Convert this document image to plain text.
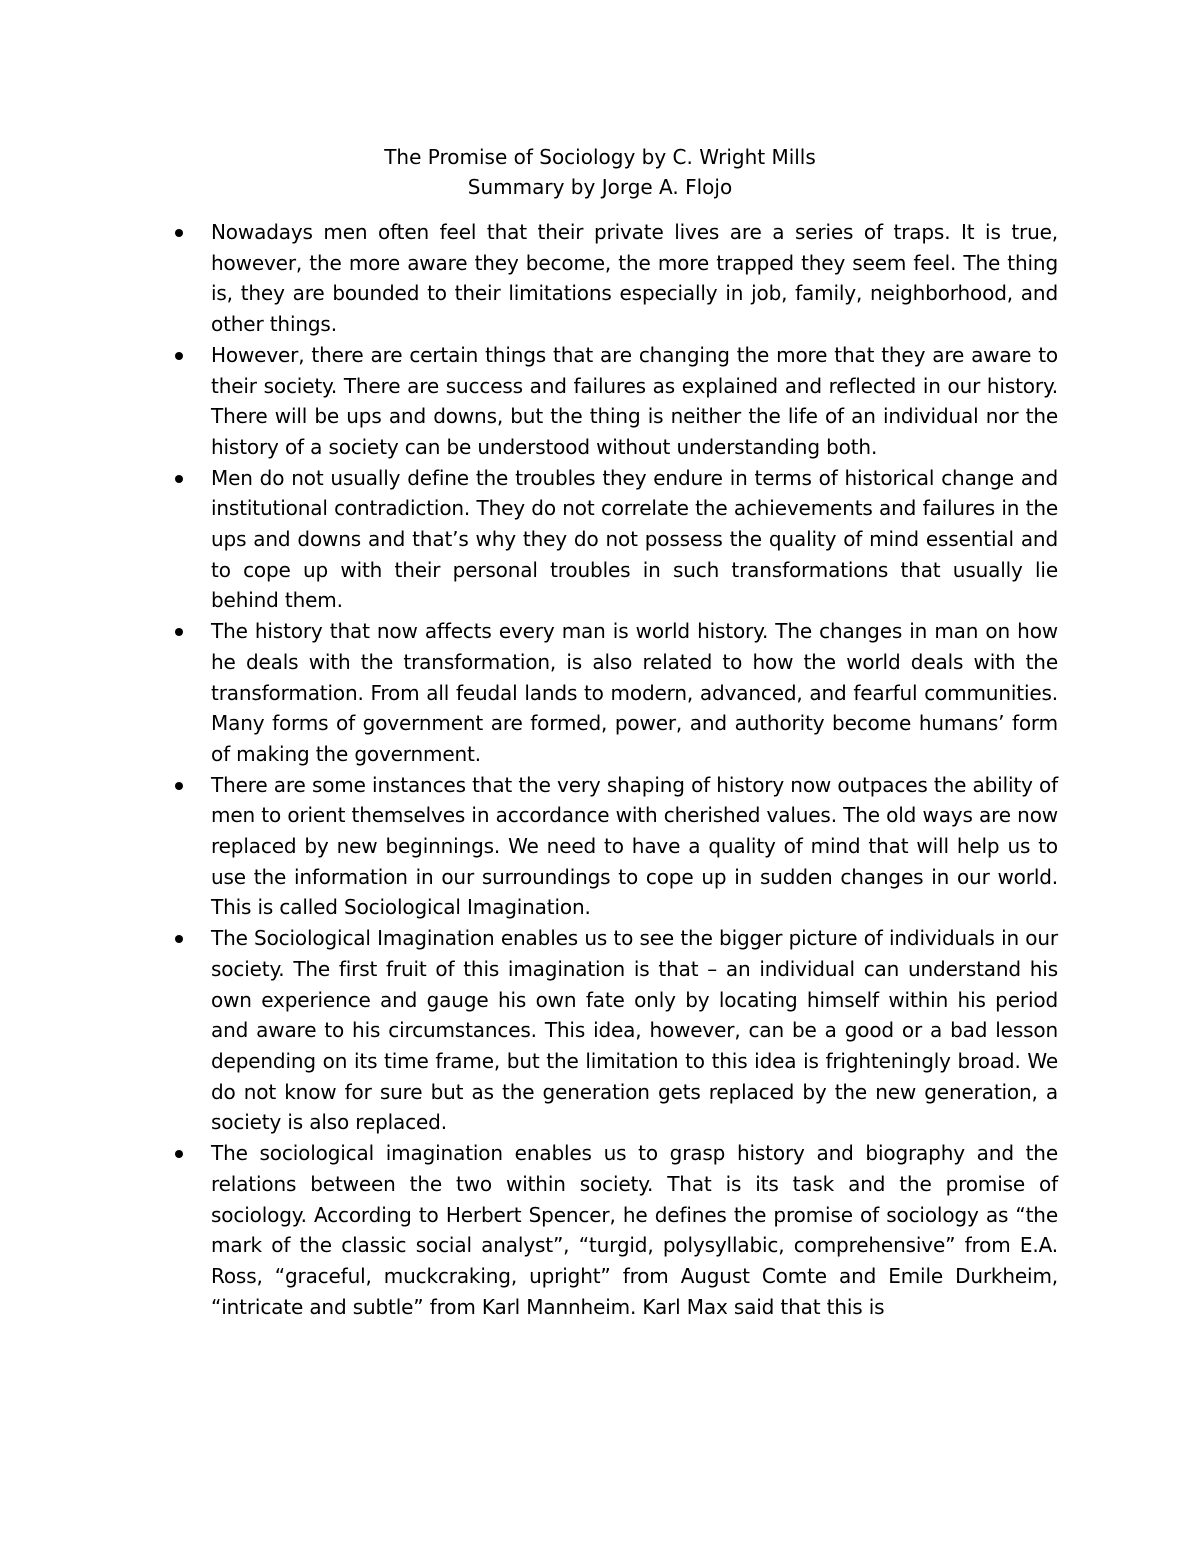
The Promise of Sociology by C. Wright Mills
Summary by Jorge A. Flojo
Nowadays men often feel that their private lives are a series of traps. It is true, however, the more aware they become, the more trapped they seem feel. The thing is, they are bounded to their limitations especially in job, family, neighborhood, and other things.
However, there are certain things that are changing the more that they are aware to their society. There are success and failures as explained and reflected in our history. There will be ups and downs, but the thing is neither the life of an individual nor the history of a society can be understood without understanding both.
Men do not usually define the troubles they endure in terms of historical change and institutional contradiction. They do not correlate the achievements and failures in the ups and downs and that’s why they do not possess the quality of mind essential and to cope up with their personal troubles in such transformations that usually lie behind them.
The history that now affects every man is world history. The changes in man on how he deals with the transformation, is also related to how the world deals with the transformation. From all feudal lands to modern, advanced, and fearful communities. Many forms of government are formed, power, and authority become humans’ form of making the government.
There are some instances that the very shaping of history now outpaces the ability of men to orient themselves in accordance with cherished values. The old ways are now replaced by new beginnings. We need to have a quality of mind that will help us to use the information in our surroundings to cope up in sudden changes in our world. This is called Sociological Imagination.
The Sociological Imagination enables us to see the bigger picture of individuals in our society. The first fruit of this imagination is that – an individual can understand his own experience and gauge his own fate only by locating himself within his period and aware to his circumstances. This idea, however, can be a good or a bad lesson depending on its time frame, but the limitation to this idea is frighteningly broad. We do not know for sure but as the generation gets replaced by the new generation, a society is also replaced.
The sociological imagination enables us to grasp history and biography and the relations between the two within society. That is its task and the promise of sociology. According to Herbert Spencer, he defines the promise of sociology as “the mark of the classic social analyst”, “turgid, polysyllabic, comprehensive” from E.A. Ross, “graceful, muckcraking, upright” from August Comte and Emile Durkheim, “intricate and subtle” from Karl Mannheim. Karl Max said that this is
